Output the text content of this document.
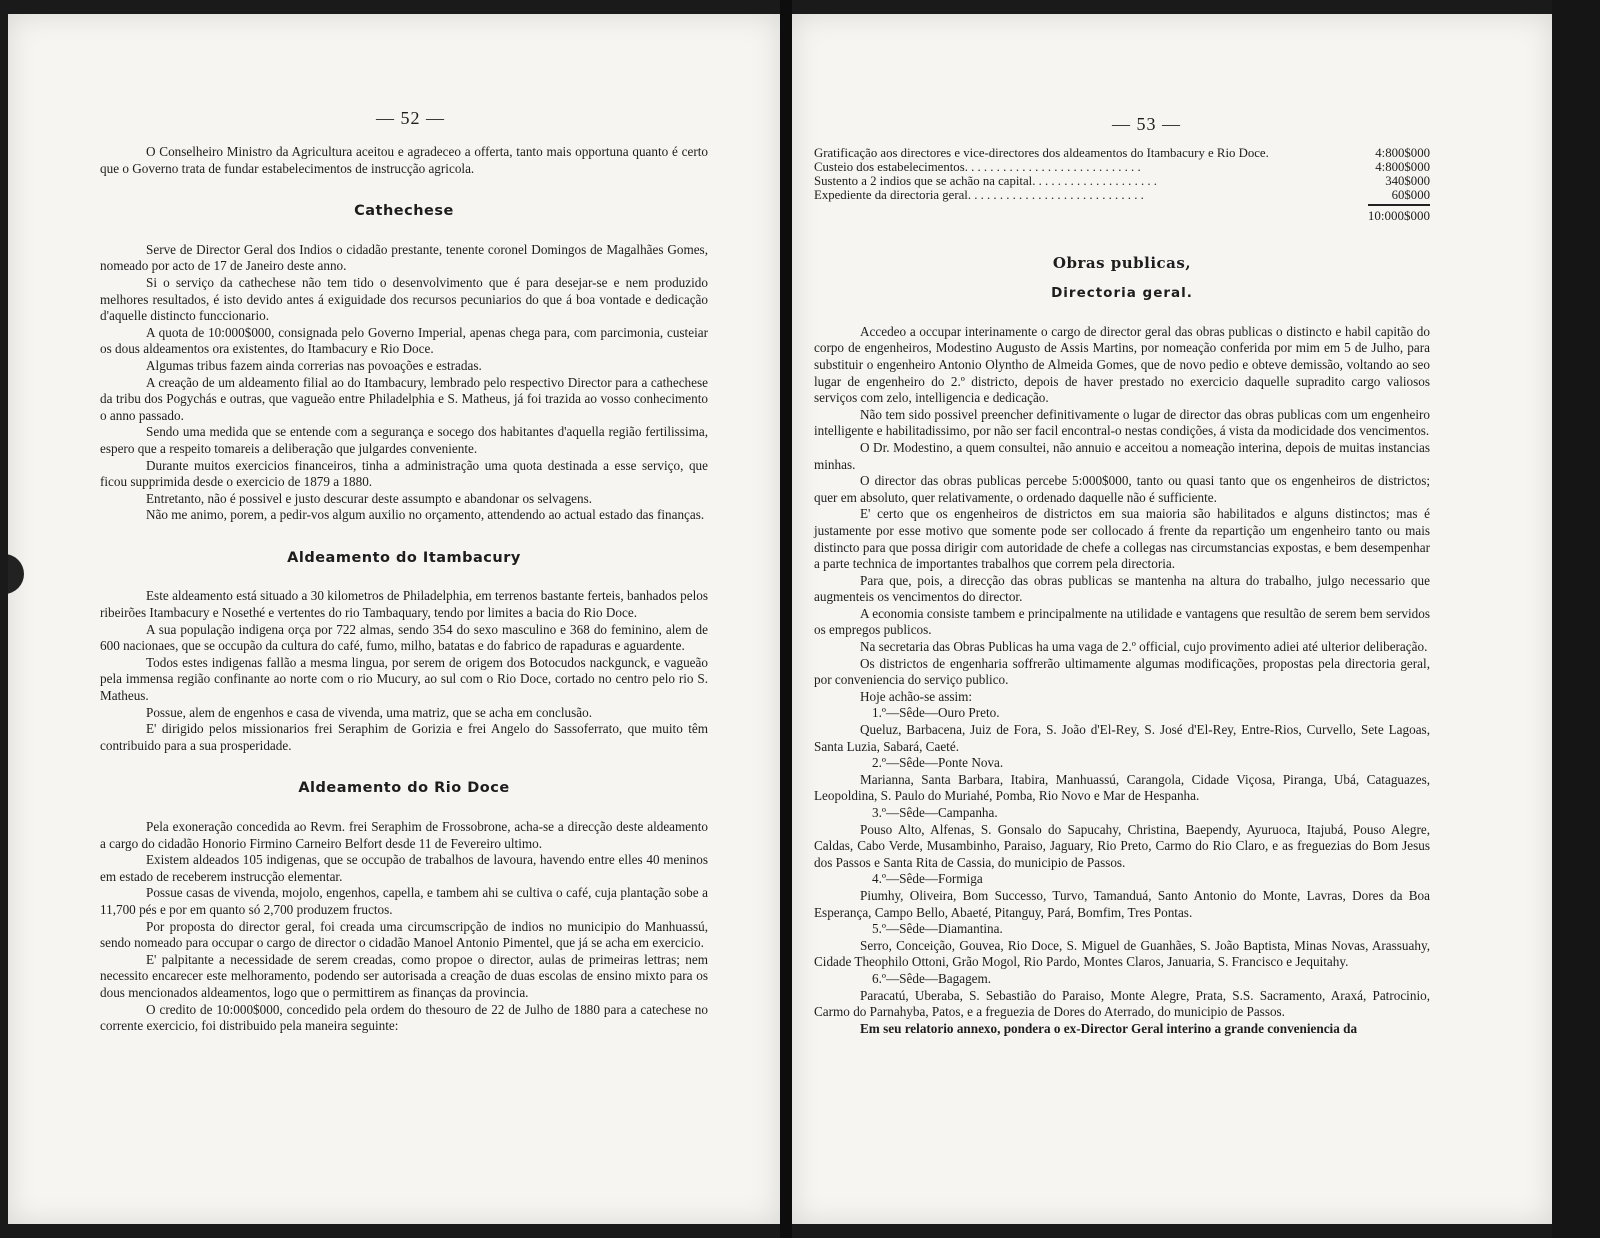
— 52 —

O Conselheiro Ministro da Agricultura aceitou e agradeceo a offerta, tanto mais opportuna quanto é certo que o Governo trata de fundar estabelecimentos de instrucção agricola.

Cathechese

Serve de Director Geral dos Indios o cidadão prestante, tenente coronel Domingos de Magalhães Gomes, nomeado por acto de 17 de Janeiro deste anno.

Si o serviço da cathechese não tem tido o desenvolvimento que é para desejar-se e nem produzido melhores resultados, é isto devido antes á exiguidade dos recursos pecuniarios do que á boa vontade e dedicação d'aquelle distincto funccionario.

A quota de 10:000$000, consignada pelo Governo Imperial, apenas chega para, com parcimonia, custeiar os dous aldeamentos ora existentes, do Itambacury e Rio Doce.

Algumas tribus fazem ainda correrias nas povoações e estradas.

A creação de um aldeamento filial ao do Itambacury, lembrado pelo respectivo Director para a cathechese da tribu dos Pogychás e outras, que vagueão entre Philadelphia e S. Matheus, já foi trazida ao vosso conhecimento o anno passado.

Sendo uma medida que se entende com a segurança e socego dos habitantes d'aquella região fertilissima, espero que a respeito tomareis a deliberação que julgardes conveniente.

Durante muitos exercicios financeiros, tinha a administração uma quota destinada a esse serviço, que ficou supprimida desde o exercicio de 1879 a 1880.

Entretanto, não é possivel e justo descurar deste assumpto e abandonar os selvagens.

Não me animo, porem, a pedir-vos algum auxilio no orçamento, attendendo ao actual estado das finanças.

Aldeamento do Itambacury

Este aldeamento está situado a 30 kilometros de Philadelphia, em terrenos bastante ferteis, banhados pelos ribeirões Itambacury e Nosethé e vertentes do rio Tambaquary, tendo por limites a bacia do Rio Doce.

A sua população indigena orça por 722 almas, sendo 354 do sexo masculino e 368 do feminino, alem de 600 nacionaes, que se occupão da cultura do café, fumo, milho, batatas e do fabrico de rapaduras e aguardente.

Todos estes indigenas fallão a mesma lingua, por serem de origem dos Botocudos nackgunck, e vagueão pela immensa região confinante ao norte com o rio Mucury, ao sul com o Rio Doce, cortado no centro pelo rio S. Matheus.

Possue, alem de engenhos e casa de vivenda, uma matriz, que se acha em conclusão.

E' dirigido pelos missionarios frei Seraphim de Gorizia e frei Angelo do Sassoferrato, que muito têm contribuido para a sua prosperidade.

Aldeamento do Rio Doce

Pela exoneração concedida ao Revm. frei Seraphim de Frossobrone, acha-se a direcção deste aldeamento a cargo do cidadão Honorio Firmino Carneiro Belfort desde 11 de Fevereiro ultimo.

Existem aldeados 105 indigenas, que se occupão de trabalhos de lavoura, havendo entre elles 40 meninos em estado de receberem instrucção elementar.

Possue casas de vivenda, mojolo, engenhos, capella, e tambem ahi se cultiva o café, cuja plantação sobe a 11,700 pés e por em quanto só 2,700 produzem fructos.

Por proposta do director geral, foi creada uma circumscripção de indios no municipio do Manhuassú, sendo nomeado para occupar o cargo de director o cidadão Manoel Antonio Pimentel, que já se acha em exercicio.

E' palpitante a necessidade de serem creadas, como propoe o director, aulas de primeiras lettras; nem necessito encarecer este melhoramento, podendo ser autorisada a creação de duas escolas de ensino mixto para os dous mencionados aldeamentos, logo que o permittirem as finanças da provincia.

O credito de 10:000$000, concedido pela ordem do thesouro de 22 de Julho de 1880 para a catechese no corrente exercicio, foi distribuido pela maneira seguinte:

— 53 —
Gratificação aos directores e vice-directores dos aldeamentos do Itambacury e Rio Doce.	4:800$000
Custeio dos estabelecimentos. . . . . . . . . . . . . . . . . . . . . . . . . . . .	4:800$000
Sustento a 2 indios que se achão na capital. . . . . . . . . . . . . . . . . . . .	340$000
Expediente da directoria geral. . . . . . . . . . . . . . . . . . . . . . . . . . . .	60$000
10:000$000
Obras publicas,
Directoria geral.

Accedeo a occupar interinamente o cargo de director geral das obras publicas o distincto e habil capitão do corpo de engenheiros, Modestino Augusto de Assis Martins, por nomeação conferida por mim em 5 de Julho, para substituir o engenheiro Antonio Olyntho de Almeida Gomes, que de novo pedio e obteve demissão, voltando ao seo lugar de engenheiro do 2.º districto, depois de haver prestado no exercicio daquelle supradito cargo valiosos serviços com zelo, intelligencia e dedicação.

Não tem sido possivel preencher definitivamente o lugar de director das obras publicas com um engenheiro intelligente e habilitadissimo, por não ser facil encontral-o nestas condições, á vista da modicidade dos vencimentos.

O Dr. Modestino, a quem consultei, não annuio e acceitou a nomeação interina, depois de muitas instancias minhas.

O director das obras publicas percebe 5:000$000, tanto ou quasi tanto que os engenheiros de districtos; quer em absoluto, quer relativamente, o ordenado daquelle não é sufficiente.

E' certo que os engenheiros de districtos em sua maioria são habilitados e alguns distinctos; mas é justamente por esse motivo que somente pode ser collocado á frente da repartição um engenheiro tanto ou mais distincto para que possa dirigir com autoridade de chefe a collegas nas circumstancias expostas, e bem desempenhar a parte technica de importantes trabalhos que correm pela directoria.

Para que, pois, a direcção das obras publicas se mantenha na altura do trabalho, julgo necessario que augmenteis os vencimentos do director.

A economia consiste tambem e principalmente na utilidade e vantagens que resultão de serem bem servidos os empregos publicos.

Na secretaria das Obras Publicas ha uma vaga de 2.º official, cujo provimento adiei até ulterior deliberação.

Os districtos de engenharia soffrerão ultimamente algumas modificações, propostas pela directoria geral, por conveniencia do serviço publico.

Hoje achão-se assim:

1.º—Sêde—Ouro Preto.

Queluz, Barbacena, Juiz de Fora, S. João d'El-Rey, S. José d'El-Rey, Entre-Rios, Curvello, Sete Lagoas, Santa Luzia, Sabará, Caeté.

2.º—Sêde—Ponte Nova.

Marianna, Santa Barbara, Itabira, Manhuassú, Carangola, Cidade Viçosa, Piranga, Ubá, Cataguazes, Leopoldina, S. Paulo do Muriahé, Pomba, Rio Novo e Mar de Hespanha.

3.º—Sêde—Campanha.

Pouso Alto, Alfenas, S. Gonsalo do Sapucahy, Christina, Baependy, Ayuruoca, Itajubá, Pouso Alegre, Caldas, Cabo Verde, Musambinho, Paraiso, Jaguary, Rio Preto, Carmo do Rio Claro, e as freguezias do Bom Jesus dos Passos e Santa Rita de Cassia, do municipio de Passos.

4.º—Sêde—Formiga

Piumhy, Oliveira, Bom Successo, Turvo, Tamanduá, Santo Antonio do Monte, Lavras, Dores da Boa Esperança, Campo Bello, Abaeté, Pitanguy, Pará, Bomfim, Tres Pontas.

5.º—Sêde—Diamantina.

Serro, Conceição, Gouvea, Rio Doce, S. Miguel de Guanhães, S. João Baptista, Minas Novas, Arassuahy, Cidade Theophilo Ottoni, Grão Mogol, Rio Pardo, Montes Claros, Januaria, S. Francisco e Jequitahy.

6.º—Sêde—Bagagem.

Paracatú, Uberaba, S. Sebastião do Paraiso, Monte Alegre, Prata, S.S. Sacramento, Araxá, Patrocinio, Carmo do Parnahyba, Patos, e a freguezia de Dores do Aterrado, do municipio de Passos.

Em seu relatorio annexo, pondera o ex-Director Geral interino a grande conveniencia da
